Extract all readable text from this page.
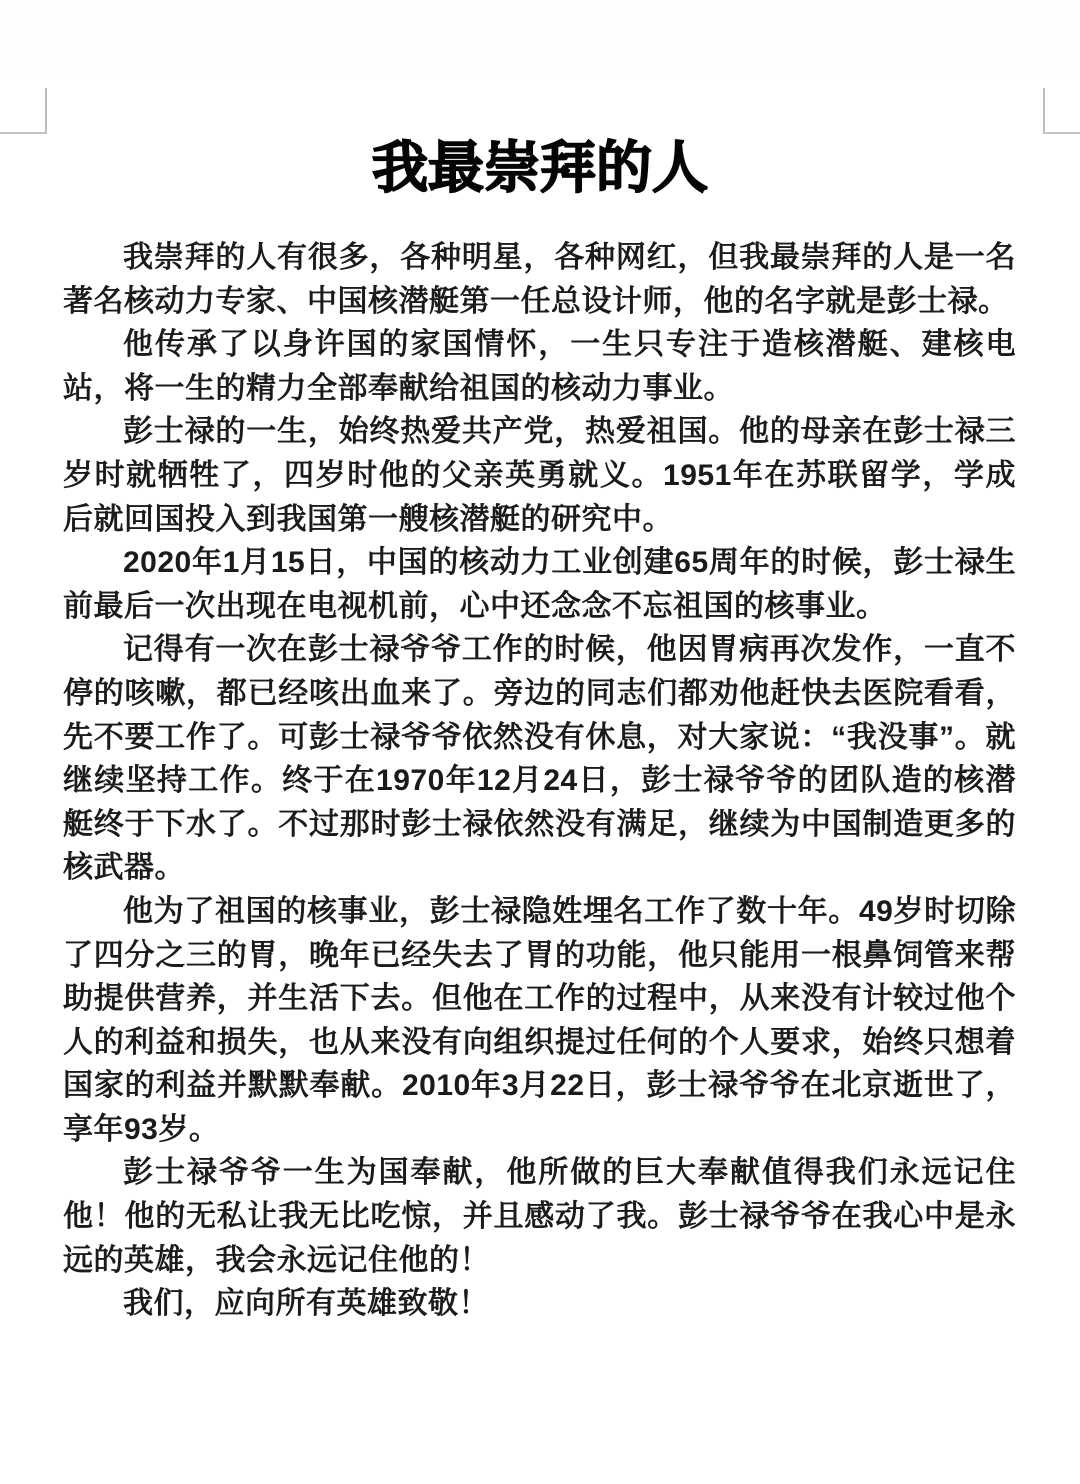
我最崇拜的人

我崇拜的人有很多，各种明星，各种网红，但我最崇拜的人是一名著名核动力专家、中国核潜艇第一任总设计师，他的名字就是彭士禄。

他传承了以身许国的家国情怀，一生只专注于造核潜艇、建核电站，将一生的精力全部奉献给祖国的核动力事业。

彭士禄的一生，始终热爱共产党，热爱祖国。他的母亲在彭士禄三岁时就牺牲了，四岁时他的父亲英勇就义。1951年在苏联留学，学成后就回国投入到我国第一艘核潜艇的研究中。

2020年1月15日，中国的核动力工业创建65周年的时候，彭士禄生前最后一次出现在电视机前，心中还念念不忘祖国的核事业。

记得有一次在彭士禄爷爷工作的时候，他因胃病再次发作，一直不停的咳嗽，都已经咳出血来了。旁边的同志们都劝他赶快去医院看看，先不要工作了。可彭士禄爷爷依然没有休息，对大家说：“我没事”。就继续坚持工作。终于在1970年12月24日，彭士禄爷爷的团队造的核潜艇终于下水了。不过那时彭士禄依然没有满足，继续为中国制造更多的核武器。

他为了祖国的核事业，彭士禄隐姓埋名工作了数十年。49岁时切除了四分之三的胃，晚年已经失去了胃的功能，他只能用一根鼻饲管来帮助提供营养，并生活下去。但他在工作的过程中，从来没有计较过他个人的利益和损失，也从来没有向组织提过任何的个人要求，始终只想着国家的利益并默默奉献。2010年3月22日，彭士禄爷爷在北京逝世了，享年93岁。

彭士禄爷爷一生为国奉献，他所做的巨大奉献值得我们永远记住他！他的无私让我无比吃惊，并且感动了我。彭士禄爷爷在我心中是永远的英雄，我会永远记住他的！

我们，应向所有英雄致敬！
